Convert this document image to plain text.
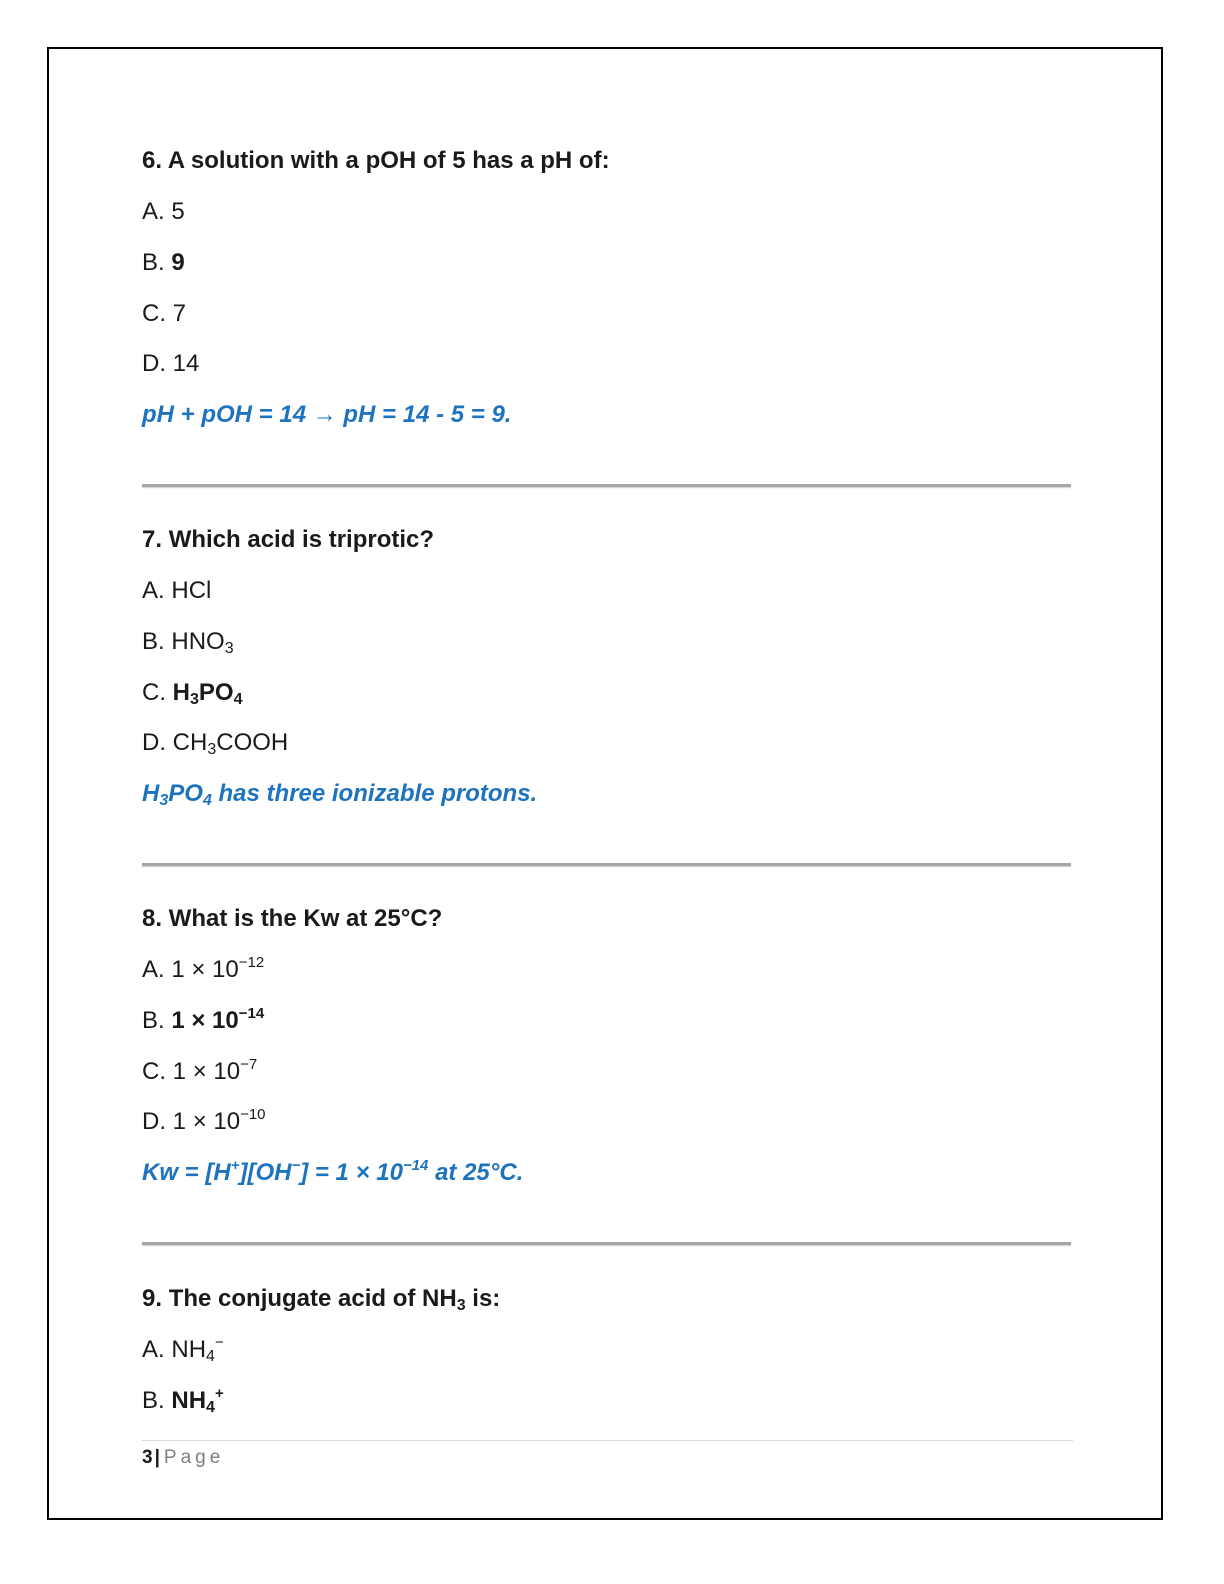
6. A solution with a pOH of 5 has a pH of:
A. 5
B. 9
C. 7
D. 14
pH + pOH = 14 → pH = 14 - 5 = 9.
7. Which acid is triprotic?
A. HCl
B. $HNO_3$
C. $H_3PO_4$
D. $CH_3COOH$
$H_3PO_4$ has three ionizable protons.
8. What is the Kw at 25°C?
A. $1 \times 10^{-12}$
B. $1 \times 10^{-14}$
C. $1 \times 10^{-7}$
D. $1 \times 10^{-10}$
$Kw = [H^+][OH^-] = 1 \times 10^{-14}$ at 25°C.
9. The conjugate acid of $NH_3$ is:
A. $NH_4^-$
B. $NH_4^+$
3 | Page
